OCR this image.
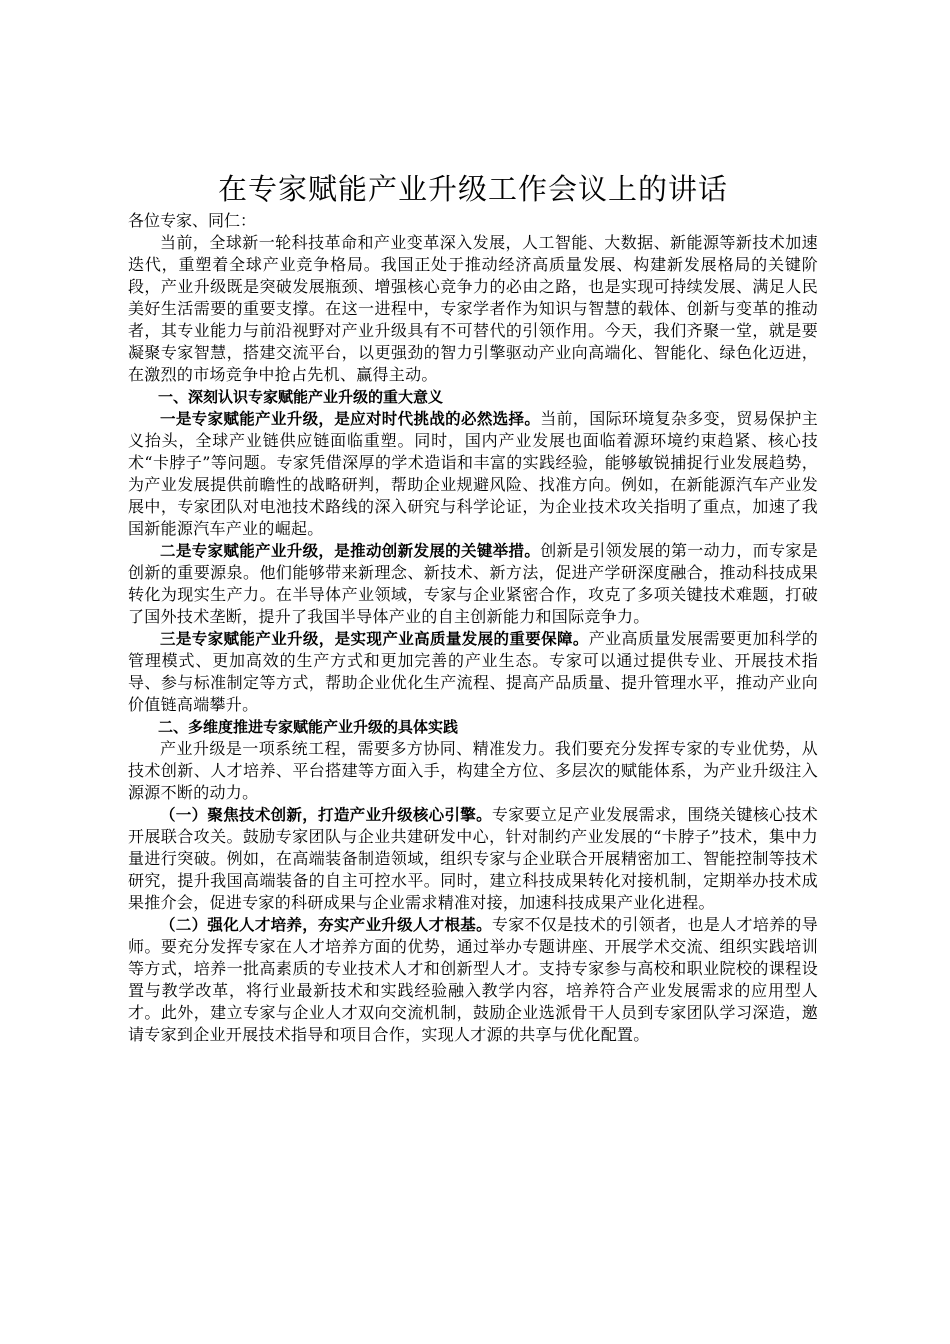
在专家赋能产业升级工作会议上的讲话

各位专家、同仁：

当前，全球新一轮科技革命和产业变革深入发展，人工智能、大数据、新能源等新技术加速迭代，重塑着全球产业竞争格局。我国正处于推动经济高质量发展、构建新发展格局的关键阶段，产业升级既是突破发展瓶颈、增强核心竞争力的必由之路，也是实现可持续发展、满足人民美好生活需要的重要支撑。在这一进程中，专家学者作为知识与智慧的载体、创新与变革的推动者，其专业能力与前沿视野对产业升级具有不可替代的引领作用。今天，我们齐聚一堂，就是要凝聚专家智慧，搭建交流平台，以更强劲的智力引擎驱动产业向高端化、智能化、绿色化迈进，在激烈的市场竞争中抢占先机、赢得主动。

一、深刻认识专家赋能产业升级的重大意义

一是专家赋能产业升级，是应对时代挑战的必然选择。当前，国际环境复杂多变，贸易保护主义抬头，全球产业链供应链面临重塑。同时，国内产业发展也面临着源环境约束趋紧、核心技术“卡脖子”等问题。专家凭借深厚的学术造诣和丰富的实践经验，能够敏锐捕捉行业发展趋势，为产业发展提供前瞻性的战略研判，帮助企业规避风险、找准方向。例如，在新能源汽车产业发展中，专家团队对电池技术路线的深入研究与科学论证，为企业技术攻关指明了重点，加速了我国新能源汽车产业的崛起。

二是专家赋能产业升级，是推动创新发展的关键举措。创新是引领发展的第一动力，而专家是创新的重要源泉。他们能够带来新理念、新技术、新方法，促进产学研深度融合，推动科技成果转化为现实生产力。在半导体产业领域，专家与企业紧密合作，攻克了多项关键技术难题，打破了国外技术垄断，提升了我国半导体产业的自主创新能力和国际竞争力。

三是专家赋能产业升级，是实现产业高质量发展的重要保障。产业高质量发展需要更加科学的管理模式、更加高效的生产方式和更加完善的产业生态。专家可以通过提供专业、开展技术指导、参与标准制定等方式，帮助企业优化生产流程、提高产品质量、提升管理水平，推动产业向价值链高端攀升。

二、多维度推进专家赋能产业升级的具体实践

产业升级是一项系统工程，需要多方协同、精准发力。我们要充分发挥专家的专业优势，从技术创新、人才培养、平台搭建等方面入手，构建全方位、多层次的赋能体系，为产业升级注入源源不断的动力。

（一）聚焦技术创新，打造产业升级核心引擎。专家要立足产业发展需求，围绕关键核心技术开展联合攻关。鼓励专家团队与企业共建研发中心，针对制约产业发展的“卡脖子”技术，集中力量进行突破。例如，在高端装备制造领域，组织专家与企业联合开展精密加工、智能控制等技术研究，提升我国高端装备的自主可控水平。同时，建立科技成果转化对接机制，定期举办技术成果推介会，促进专家的科研成果与企业需求精准对接，加速科技成果产业化进程。

（二）强化人才培养，夯实产业升级人才根基。专家不仅是技术的引领者，也是人才培养的导师。要充分发挥专家在人才培养方面的优势，通过举办专题讲座、开展学术交流、组织实践培训等方式，培养一批高素质的专业技术人才和创新型人才。支持专家参与高校和职业院校的课程设置与教学改革，将行业最新技术和实践经验融入教学内容，培养符合产业发展需求的应用型人才。此外，建立专家与企业人才双向交流机制，鼓励企业选派骨干人员到专家团队学习深造，邀请专家到企业开展技术指导和项目合作，实现人才源的共享与优化配置。
